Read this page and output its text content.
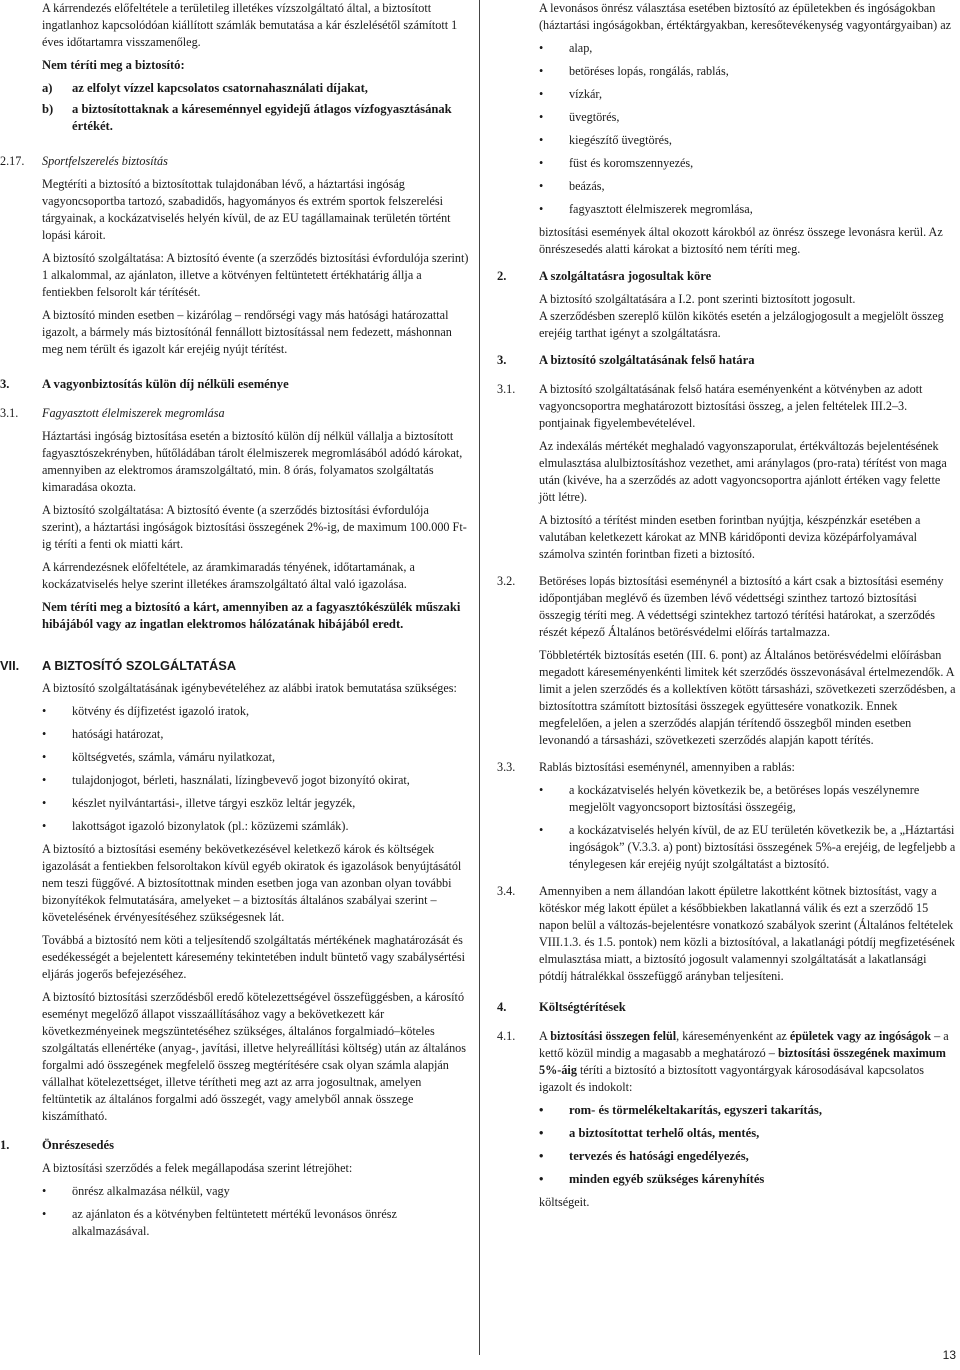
A kárrendezés előfeltétele a területileg illetékes vízszolgáltató által, a biztosított ingatlanhoz kapcsolódóan kiállított számlák bemutatása a kár észlelésétől számított 1 éves időtartamra visszamenőleg.

Nem téríti meg a biztosító:

a) az elfolyt vízzel kapcsolatos csatornahasználati díjakat,
b) a biztosítottaknak a káreseménnyel egyidejű átlagos vízfogyasztásának értékét.
2.17.	Sportfelszerelés biztosítás

Megtéríti a biztosító a biztosítottak tulajdonában lévő, a háztartási ingóság vagyoncsoportba tartozó, szabadidős, hagyományos és extrém sportok felszerelési tárgyainak, a kockázatviselés helyén kívül, de az EU tagállamainak területén történt lopási károit.

A biztosító szolgáltatása: A biztosító évente (a szerződés biztosítási évfordulója szerint) 1 alkalommal, az ajánlaton, illetve a kötvényen feltüntetett értékhatárig állja a fentiekben felsorolt kár térítését.

A biztosító minden esetben – kizárólag – rendőrségi vagy más hatósági határozattal igazolt, a bármely más biztosítónál fennállott biztosítással nem fedezett, máshonnan meg nem térült és igazolt kár erejéig nyújt térítést.

3.	A vagyonbiztosítás külön díj nélküli eseménye

3.1.	Fagyasztott élelmiszerek megromlása

Háztartási ingóság biztosítása esetén a biztosító külön díj nélkül vállalja a biztosított fagyasztószekrényben, hűtőládában tárolt élelmiszerek megromlásából adódó károkat, amennyiben az elektromos áramszolgáltató, min. 8 órás, folyamatos szolgáltatás kimaradása okozta.

A biztosító szolgáltatása: A biztosító évente (a szerződés biztosítási évfordulója szerint), a háztartási ingóságok biztosítási összegének 2%-ig, de maximum 100.000 Ft-ig téríti a fenti ok miatti kárt.

A kárrendezésnek előfeltétele, az áramkimaradás tényének, időtartamának, a kockázatviselés helye szerint illetékes áramszolgáltató által való igazolása.

Nem téríti meg a biztosító a kárt, amennyiben az a fagyasztókészülék műszaki hibájából vagy az ingatlan elektromos hálózatának hibájából eredt.

VII.	A BIZTOSÍTÓ SZOLGÁLTATÁSA

A biztosító szolgáltatásának igénybevételéhez az alábbi iratok bemutatása szükséges:

• kötvény és díjfizetést igazoló iratok,
• hatósági határozat,
• költségvetés, számla, vámáru nyilatkozat,
• tulajdonjogot, bérleti, használati, lízingbevevő jogot bizonyító okirat,
• készlet nyilvántartási-, illetve tárgyi eszköz leltár jegyzék,
• lakottságot igazoló bizonylatok (pl.: közüzemi számlák).

A biztosító a biztosítási esemény bekövetkezésével keletkező károk és költségek igazolását a fentiekben felsoroltakon kívül egyéb okiratok és igazolások benyújtásától nem teszi függővé. A biztosítottnak minden esetben joga van azonban olyan további bizonyítékok felmutatására, amelyeket – a biztosítás általános szabályai szerint – követelésének érvényesítéséhez szükségesnek lát.

Továbbá a biztosító nem köti a teljesítendő szolgáltatás mértékének maghatározását és esedékességét a bejelentett káresemény tekintetében indult büntető vagy szabálysértési eljárás jogerős befejezéséhez.

A biztosító biztosítási szerződésből eredő kötelezettségével összefüggésben, a károsító eseményt megelőző állapot visszaállításához vagy a bekövetkezett kár következményeinek megszüntetéséhez szükséges, általános forgalmiadó–köteles szolgáltatás ellenértéke (anyag-, javítási, illetve helyreállítási költség) után az általános forgalmi adó összegének megfelelő összeg megtérítésére csak olyan számla alapján vállalhat kötelezettséget, illetve térítheti meg azt az arra jogosultnak, amelyen feltüntetik az általános forgalmi adó összegét, vagy amelyből annak összege kiszámítható.

1.	Önrészesedés

A biztosítási szerződés a felek megállapodása szerint létrejöhet:

• önrész alkalmazása nélkül, vagy
• az ajánlaton és a kötvényben feltüntetett mértékű levonásos önrész alkalmazásával.

A levonásos önrész választása esetében biztosító az épületekben és ingóságokban (háztartási ingóságokban, értéktárgyakban, keresőtevékenység vagyontárgyaiban) az

• alap,
• betöréses lopás, rongálás, rablás,
• vízkár,
• üvegtörés,
• kiegészítő üvegtörés,
• füst és koromszennyezés,
• beázás,
• fagyasztott élelmiszerek megromlása,

biztosítási események által okozott károkból az önrész összege levonásra kerül. Az önrészesedés alatti károkat a biztosító nem téríti meg.

2.	A szolgáltatásra jogosultak köre

A biztosító szolgáltatására a I.2. pont szerinti biztosított jogosult.

A szerződésben szereplő külön kikötés esetén a jelzálogjogosult a megjelölt összeg erejéig tarthat igényt a szolgáltatásra.

3.	A biztosító szolgáltatásának felső határa

3.1.	A biztosító szolgáltatásának felső határa eseményenként a kötvényben az adott vagyoncsoportra meghatározott biztosítási összeg, a jelen feltételek III.2–3. pontjainak figyelembevételével.

Az indexálás mértékét meghaladó vagyonszaporulat, értékváltozás bejelentésének elmulasztása alulbiztosításhoz vezethet, ami aránylagos (pro-rata) térítést von maga után (kivéve, ha a szerződés az adott vagyoncsoportra ajánlott értéken vagy felette jött létre).

A biztosító a térítést minden esetben forintban nyújtja, készpénzkár esetében a valutában keletkezett károkat az MNB káridőponti deviza középárfolyamával számolva szintén forintban fizeti a biztosító.

3.2.	Betöréses lopás biztosítási eseménynél a biztosító a kárt csak a biztosítási esemény időpontjában meglévő és üzemben lévő védettségi szinthez tartozó biztosítási összegig téríti meg. A védettségi szintekhez tartozó térítési határokat, a szerződés részét képező Általános betörésvédelmi előírás tartalmazza.

Többletérték biztosítás esetén (III. 6. pont) az Általános betörésvédelmi előírásban megadott káreseményenkénti limitek két szerződés összevonásával értelmezendők. A limit a jelen szerződés és a kollektíven kötött társasházi, szövetkezeti szerződésben, a biztosítottra számított biztosítási összegek együttesére vonatkozik. Ennek megfelelően, a jelen a szerződés alapján térítendő összegből minden esetben levonandó a társasházi, szövetkezeti szerződés alapján kapott térítés.

3.3.	Rablás biztosítási eseménynél, amennyiben a rablás:

• a kockázatviselés helyén következik be, a betöréses lopás veszélynemre megjelölt vagyoncsoport biztosítási összegéig,
• a kockázatviselés helyén kívül, de az EU területén következik be, a „Háztartási ingóságok” (V.3.3. a) pont) biztosítási összegének 5%-a erejéig, de legfeljebb a ténylegesen kár erejéig nyújt szolgáltatást a biztosító.
3.4.	Amennyiben a nem állandóan lakott épületre lakottként kötnek biztosítást, vagy a kötéskor még lakott épület a későbbiekben lakatlanná válik és ezt a szerződő 15 napon belül a változás-bejelentésre vonatkozó szabályok szerint (Általános feltételek VIII.1.3. és 1.5. pontok) nem közli a biztosítóval, a lakatlanági pótdíj megfizetésének elmulasztása miatt, a biztosító jogosult valamennyi szolgáltatását a lakatlansági pótdíj hátralékkal összefüggő arányban teljesíteni.

4.	Költségtérítések

4.1.	A biztosítási összegen felül, káreseményenként az épületek vagy az ingóságok – a kettő közül mindig a magasabb a meghatározó – biztosítási összegének maximum 5%-áig téríti a biztosító a biztosított vagyontárgyak károsodásával kapcsolatos igazolt és indokolt:

• rom- és törmelékeltakarítás, egyszeri takarítás,
• a biztosítottat terhelő oltás, mentés,
• tervezés és hatósági engedélyezés,
• minden egyéb szükséges kárenyhítés

költségeit.

13
